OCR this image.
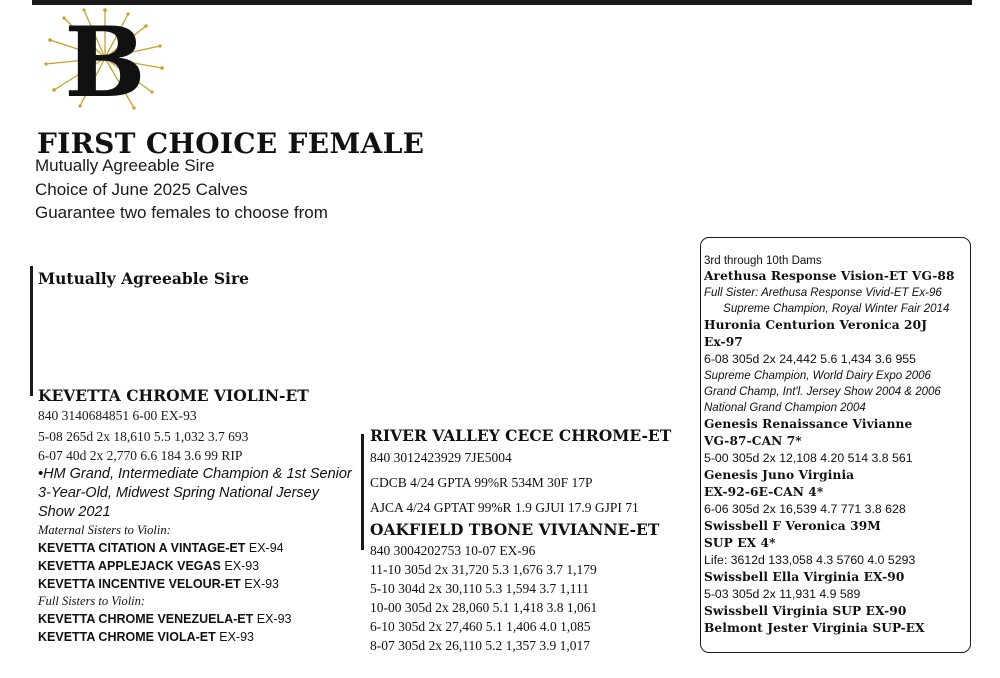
B
FIRST CHOICE FEMALE
Mutually Agreeable Sire
Choice of June 2025 Calves
Guarantee two females to choose from
Mutually Agreeable Sire
KEVETTA CHROME VIOLIN-ET
840 3140684851 6-00 EX-93
5-08 265d 2x 18,610 5.5 1,032 3.7 693
6-07 40d 2x 2,770 6.6 184 3.6 99 RIP
•HM Grand, Intermediate Champion & 1st Senior 3-Year-Old, Midwest Spring National Jersey Show 2021
Maternal Sisters to Violin:
KEVETTA CITATION A VINTAGE-ET EX-94
KEVETTA APPLEJACK VEGAS EX-93
KEVETTA INCENTIVE VELOUR-ET EX-93
Full Sisters to Violin:
KEVETTA CHROME VENEZUELA-ET EX-93
KEVETTA CHROME VIOLA-ET EX-93
RIVER VALLEY CECE CHROME-ET
840 3012423929 7JE5004
CDCB 4/24 GPTA 99%R 534M 30F 17P
AJCA 4/24 GPTAT 99%R 1.9 GJUI 17.9 GJPI 71
OAKFIELD TBONE VIVIANNE-ET
840 3004202753 10-07 EX-96
11-10 305d 2x 31,720 5.3 1,676 3.7 1,179
5-10 304d 2x 30,110 5.3 1,594 3.7 1,111
10-00 305d 2x 28,060 5.1 1,418 3.8 1,061
6-10 305d 2x 27,460 5.1 1,406 4.0 1,085
8-07 305d 2x 26,110 5.2 1,357 3.9 1,017
3rd through 10th Dams
Arethusa Response Vision-ET VG-88
Full Sister: Arethusa Response Vivid-ET Ex-96
Supreme Champion, Royal Winter Fair 2014
Huronia Centurion Veronica 20J
Ex-97
6-08 305d 2x 24,442 5.6 1,434 3.6 955
Supreme Champion, World Dairy Expo 2006
Grand Champ, Int'l. Jersey Show 2004 & 2006
National Grand Champion 2004
Genesis Renaissance Vivianne
VG-87-CAN 7*
5-00 305d 2x 12,108 4.20 514 3.8 561
Genesis Juno Virginia
EX-92-6E-CAN 4*
6-06 305d 2x 16,539 4.7 771 3.8 628
Swissbell F Veronica 39M
SUP EX 4*
Life: 3612d 133,058 4.3 5760 4.0 5293
Swissbell Ella Virginia EX-90
5-03 305d 2x 11,931 4.9 589
Swissbell Virginia SUP EX-90
Belmont Jester Virginia SUP-EX
